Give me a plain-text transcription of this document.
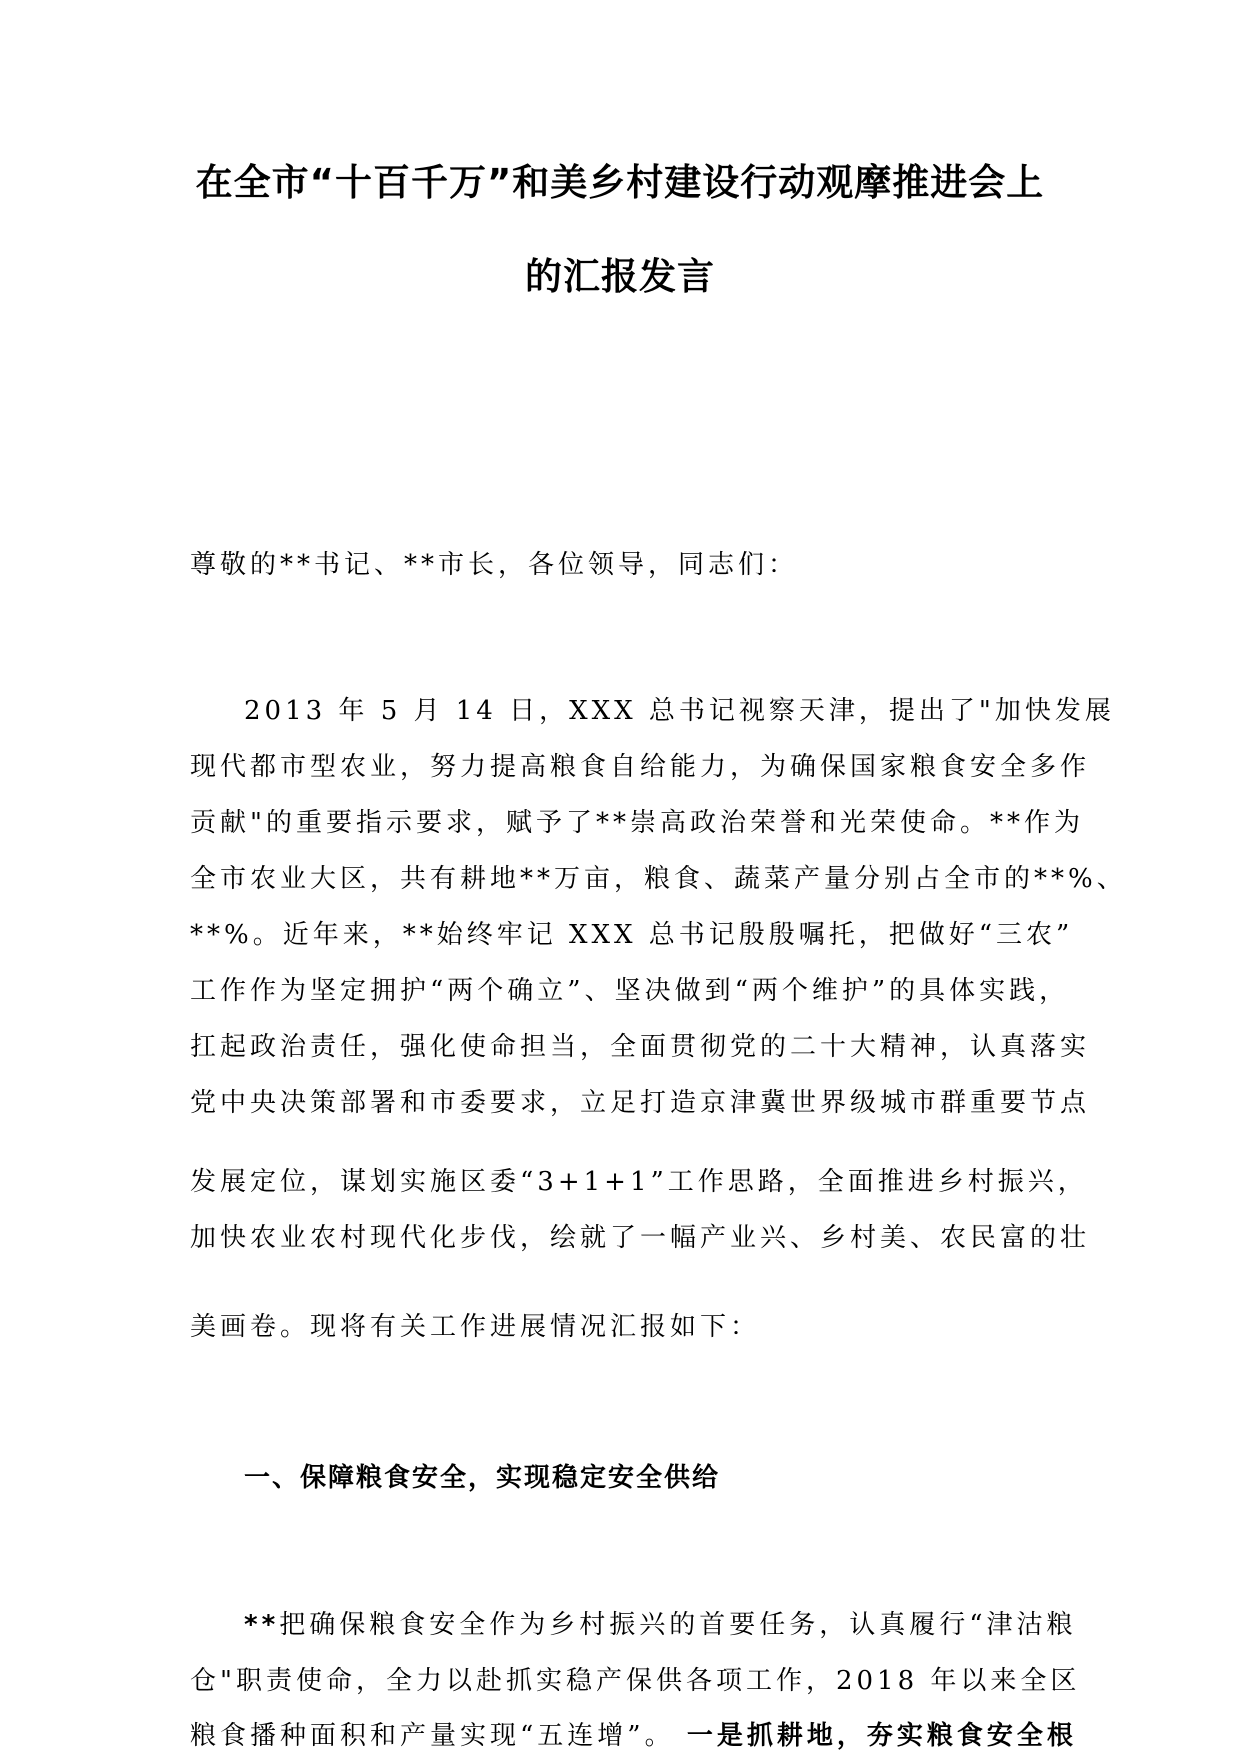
在全市“十百千万”和美乡村建设行动观摩推进会上
的汇报发言
尊敬的**书记、**市长，各位领导，同志们：
2013 年 5 月 14 日，XXX 总书记视察天津，提出了"加快发展
现代都市型农业，努力提高粮食自给能力，为确保国家粮食安全多作
贡献"的重要指示要求，赋予了**崇高政治荣誉和光荣使命。**作为
全市农业大区，共有耕地**万亩，粮食、蔬菜产量分别占全市的**%、
**%。近年来，**始终牢记 XXX 总书记殷殷嘱托，把做好“三农”
工作作为坚定拥护“两个确立”、坚决做到“两个维护”的具体实践，
扛起政治责任，强化使命担当，全面贯彻党的二十大精神，认真落实
党中央决策部署和市委要求，立足打造京津冀世界级城市群重要节点
发展定位，谋划实施区委“3+1+1”工作思路，全面推进乡村振兴，
加快农业农村现代化步伐，绘就了一幅产业兴、乡村美、农民富的壮
美画卷。现将有关工作进展情况汇报如下：
一、保障粮食安全，实现稳定安全供给
**把确保粮食安全作为乡村振兴的首要任务，认真履行“津沽粮
仓"职责使命，全力以赴抓实稳产保供各项工作，2018 年以来全区
粮食播种面积和产量实现“五连增”。 一是抓耕地，夯实粮食安全根
